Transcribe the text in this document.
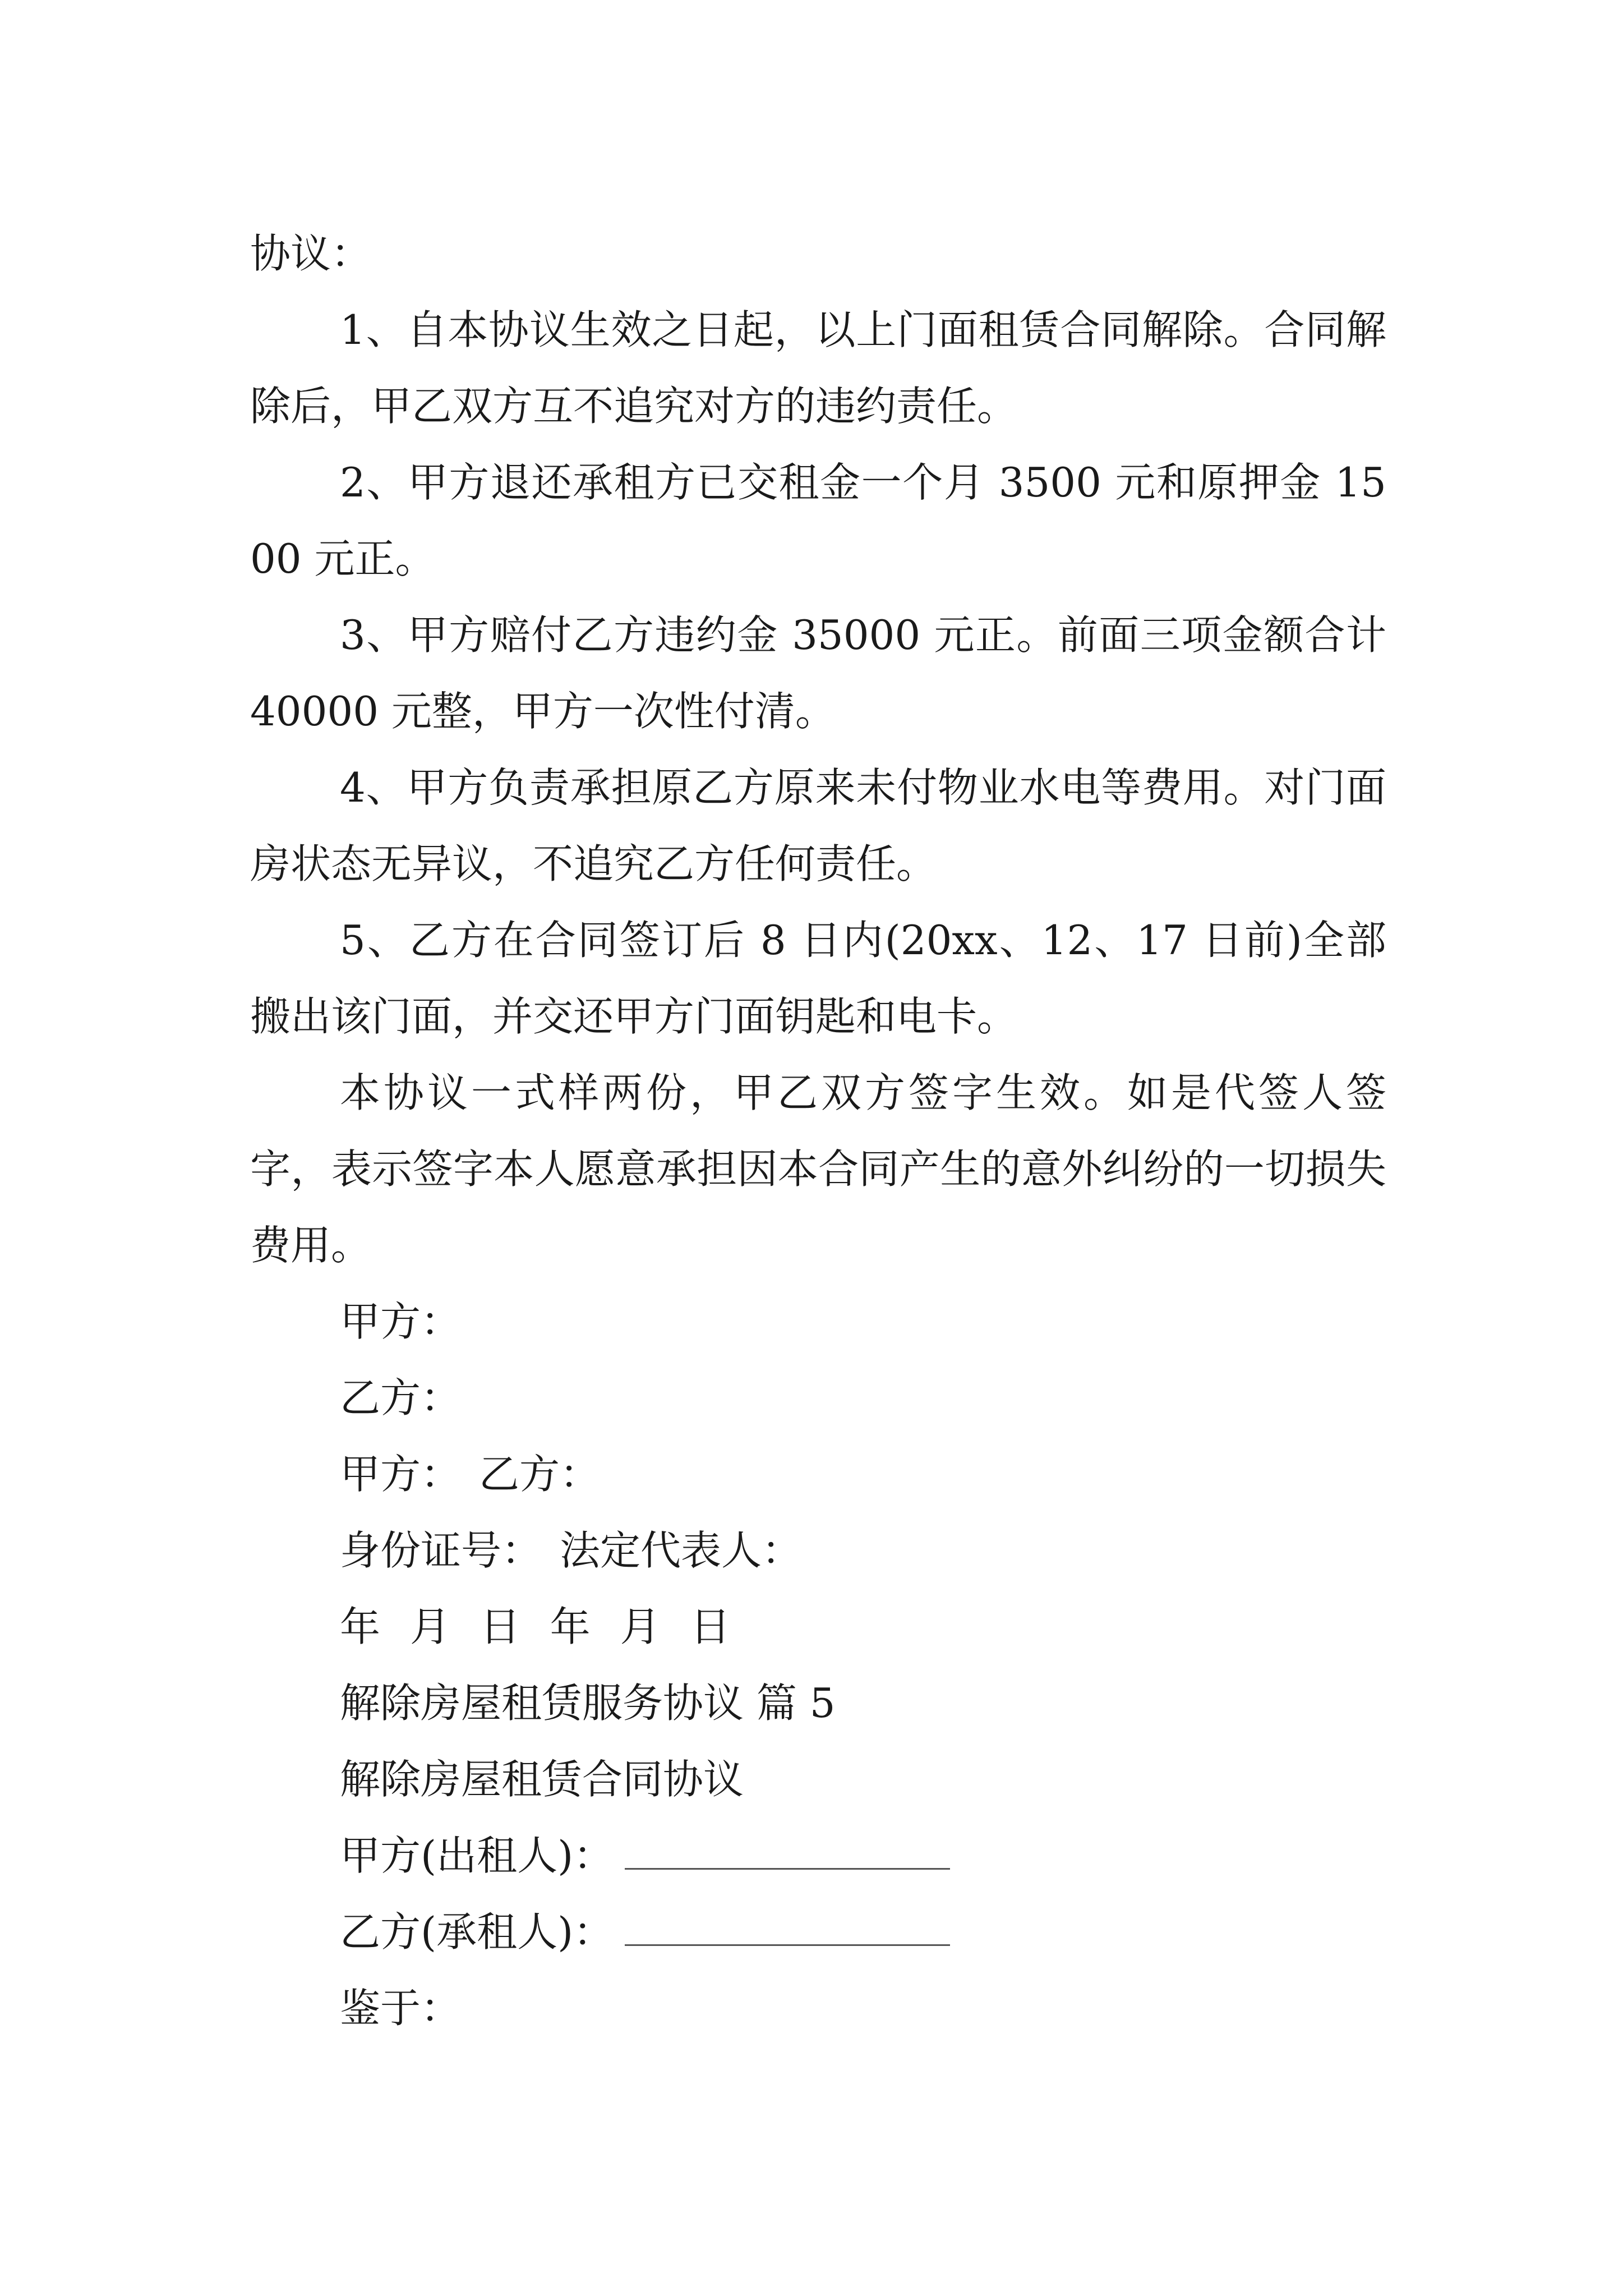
协议：

1、自本协议生效之日起，以上门面租赁合同解除。合同解除后，甲乙双方互不追究对方的违约责任。

2、甲方退还承租方已交租金一个月 3500 元和原押金 1500 元正。

3、甲方赔付乙方违约金 35000 元正。前面三项金额合计 40000 元整，甲方一次性付清。

4、甲方负责承担原乙方原来未付物业水电等费用。对门面房状态无异议，不追究乙方任何责任。

5、乙方在合同签订后 8 日内(20xx、12、17 日前)全部搬出该门面，并交还甲方门面钥匙和电卡。

本协议一式样两份，甲乙双方签字生效。如是代签人签字，表示签字本人愿意承担因本合同产生的意外纠纷的一切损失费用。

甲方：

乙方：

甲方： 乙方：

身份证号： 法定代表人：

年 月 日 年 月 日

解除房屋租赁服务协议 篇 5

解除房屋租赁合同协议

甲方(出租人)：

乙方(承租人)：

鉴于：
